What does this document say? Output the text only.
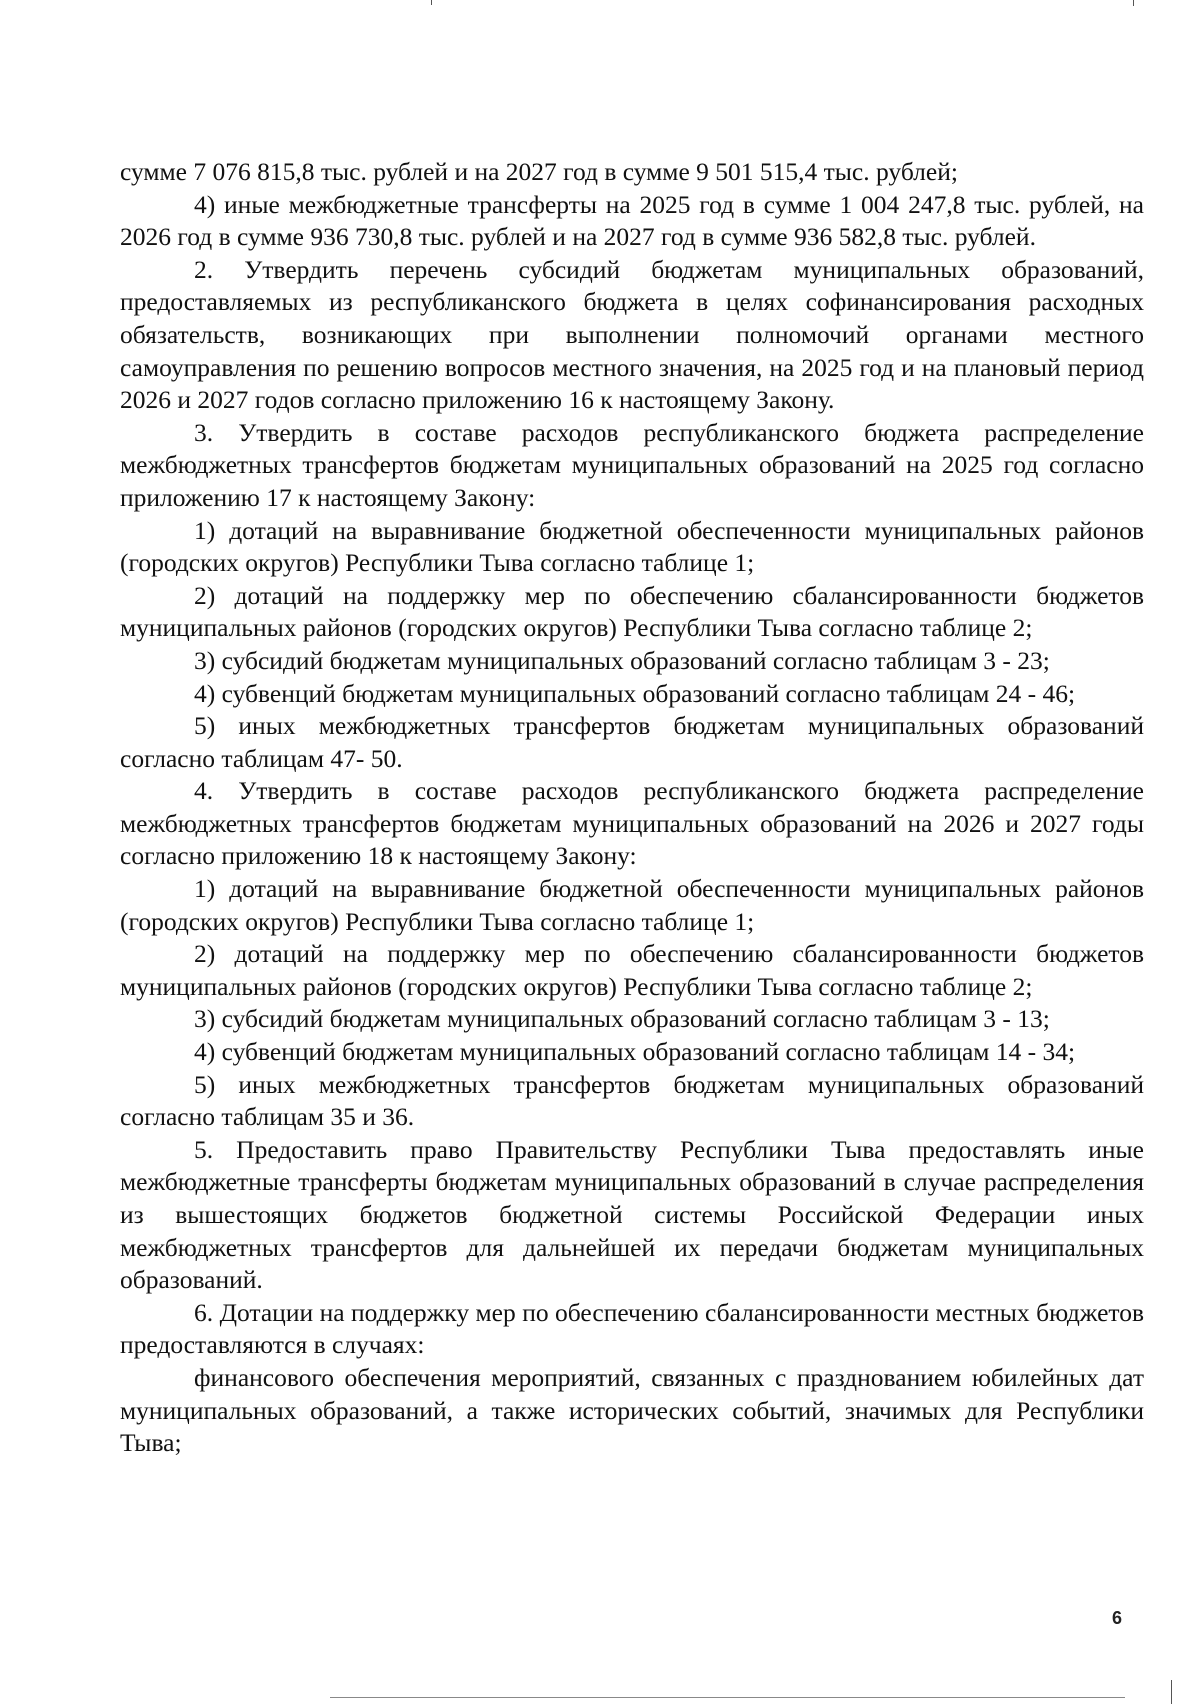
сумме 7 076 815,8 тыс. рублей и на 2027 год в сумме 9 501 515,4 тыс. рублей;

4) иные межбюджетные трансферты на 2025 год в сумме 1 004 247,8 тыс. рублей, на 2026 год в сумме 936 730,8 тыс. рублей и на 2027 год в сумме 936 582,8 тыс. рублей.

2. Утвердить перечень субсидий бюджетам муниципальных образований, предоставляемых из республиканского бюджета в целях софинансирования расходных обязательств, возникающих при выполнении полномочий органами местного самоуправления по решению вопросов местного значения, на 2025 год и на плановый период 2026 и 2027 годов согласно приложению 16 к настоящему Закону.

3. Утвердить в составе расходов республиканского бюджета распределение межбюджетных трансфертов бюджетам муниципальных образований на 2025 год согласно приложению 17 к настоящему Закону:

1) дотаций на выравнивание бюджетной обеспеченности муниципальных районов (городских округов) Республики Тыва согласно таблице 1;

2) дотаций на поддержку мер по обеспечению сбалансированности бюджетов муниципальных районов (городских округов) Республики Тыва согласно таблице 2;

3) субсидий бюджетам муниципальных образований согласно таблицам 3 - 23;

4) субвенций бюджетам муниципальных образований согласно таблицам 24 - 46;

5) иных межбюджетных трансфертов бюджетам муниципальных образований согласно таблицам 47- 50.

4. Утвердить в составе расходов республиканского бюджета распределение межбюджетных трансфертов бюджетам муниципальных образований на 2026 и 2027 годы согласно приложению 18 к настоящему Закону:

1) дотаций на выравнивание бюджетной обеспеченности муниципальных районов (городских округов) Республики Тыва согласно таблице 1;

2) дотаций на поддержку мер по обеспечению сбалансированности бюджетов муниципальных районов (городских округов) Республики Тыва согласно таблице 2;

3) субсидий бюджетам муниципальных образований согласно таблицам 3 - 13;

4) субвенций бюджетам муниципальных образований согласно таблицам 14 - 34;

5) иных межбюджетных трансфертов бюджетам муниципальных образований согласно таблицам 35 и 36.

5. Предоставить право Правительству Республики Тыва предоставлять иные межбюджетные трансферты бюджетам муниципальных образований в случае распределения из вышестоящих бюджетов бюджетной системы Российской Федерации иных межбюджетных трансфертов для дальнейшей их передачи бюджетам муниципальных образований.

6. Дотации на поддержку мер по обеспечению сбалансированности местных бюджетов предоставляются в случаях:

финансового обеспечения мероприятий, связанных с празднованием юбилейных дат муниципальных образований, а также исторических событий, значимых для Республики Тыва;

6
